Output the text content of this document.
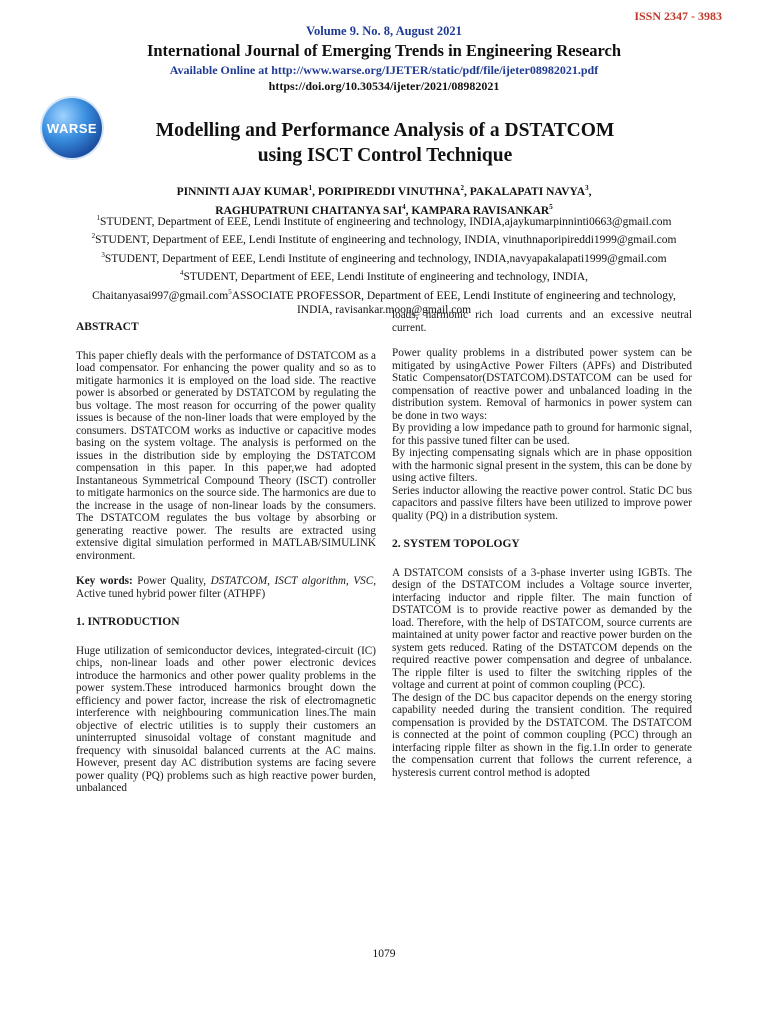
ISSN 2347 - 3983
Volume 9. No. 8, August 2021
International Journal of Emerging Trends in Engineering Research
Available Online at http://www.warse.org/IJETER/static/pdf/file/ijeter08982021.pdf
https://doi.org/10.30534/ijeter/2021/08982021
WARSE	Modelling and Performance Analysis of a DSTATCOM
using ISCT Control Technique
PINNINTI AJAY KUMAR$^1$, PORIPIREDDI VINUTHNA$^2$, PAKALAPATI NAVYA$^3$,
RAGHUPATRUNI CHAITANYA SAI$^4$, KAMPARA RAVISANKAR$^5$
$^1$STUDENT, Department of EEE, Lendi Institute of engineering and technology, INDIA,ajaykumarpinninti0663@gmail.com
$^2$STUDENT, Department of EEE, Lendi Institute of engineering and technology, INDIA, vinuthnaporipireddi1999@gmail.com
$^3$STUDENT, Department of EEE, Lendi Institute of engineering and technology, INDIA,navyapakalapati1999@gmail.com
$^4$STUDENT, Department of EEE, Lendi Institute of engineering and technology, INDIA,
Chaitanyasai997@gmail.com$^5$ASSOCIATE PROFESSOR, Department of EEE, Lendi Institute of engineering and technology,
INDIA, ravisankar.moon@gmail.com
ABSTRACT

This paper chiefly deals with the performance of DSTATCOM as a load compensator. For enhancing the power quality and so as to mitigate harmonics it is employed on the load side. The reactive power is absorbed or generated by DSTATCOM by regulating the bus voltage. The most reason for occurring of the power quality issues is because of the non-liner loads that were employed by the consumers. DSTATCOM works as inductive or capacitive modes basing on the system voltage. The analysis is performed on the issues in the distribution side by employing the DSTATCOM compensation in this paper. In this paper,we had adopted Instantaneous Symmetrical Compound Theory (ISCT) controller to mitigate harmonics on the source side. The harmonics are due to the increase in the usage of non-linear loads by the consumers. The DSTATCOM regulates the bus voltage by absorbing or generating reactive power. The results are extracted using extensive digital simulation performed in MATLAB/SIMULINK environment.

Key words: Power Quality, DSTATCOM, ISCT algorithm, VSC, Active tuned hybrid power filter (ATHPF)

1. INTRODUCTION

Huge utilization of semiconductor devices, integrated-circuit (IC) chips, non-linear loads and other power electronic devices introduce the harmonics and other power quality problems in the power system.These introduced harmonics brought down the efficiency and power factor, increase the risk of electromagnetic interference with neighbouring communication lines.The main objective of electric utilities is to supply their customers an uninterrupted sinusoidal voltage of constant magnitude and frequency with sinusoidal balanced currents at the AC mains. However, present day AC distribution systems are facing severe power quality (PQ) problems such as high reactive power burden, unbalanced

loads, harmonic rich load currents and an excessive neutral current.

Power quality problems in a distributed power system can be mitigated by usingActive Power Filters (APFs) and Distributed Static Compensator(DSTATCOM).DSTATCOM can be used for compensation of reactive power and unbalanced loading in the distribution system. Removal of harmonics in power system can be done in two ways:

By providing a low impedance path to ground for harmonic signal, for this passive tuned filter can be used.

By injecting compensating signals which are in phase opposition with the harmonic signal present in the system, this can be done by using active filters.

Series inductor allowing the reactive power control. Static DC bus capacitors and passive filters have been utilized to improve power quality (PQ) in a distribution system.

2. SYSTEM TOPOLOGY

A DSTATCOM consists of a 3-phase inverter using IGBTs. The design of the DSTATCOM includes a Voltage source inverter, interfacing inductor and ripple filter. The main function of DSTATCOM is to provide reactive power as demanded by the load. Therefore, with the help of DSTATCOM, source currents are maintained at unity power factor and reactive power burden on the system gets reduced. Rating of the DSTATCOM depends on the required reactive power compensation and degree of unbalance. The ripple filter is used to filter the switching ripples of the voltage and current at point of common coupling (PCC).

The design of the DC bus capacitor depends on the energy storing capability needed during the transient condition. The required compensation is provided by the DSTATCOM. The DSTATCOM is connected at the point of common coupling (PCC) through an interfacing ripple filter as shown in the fig.1.In order to generate the compensation current that follows the current reference, a hysteresis current control method is adopted

1079
